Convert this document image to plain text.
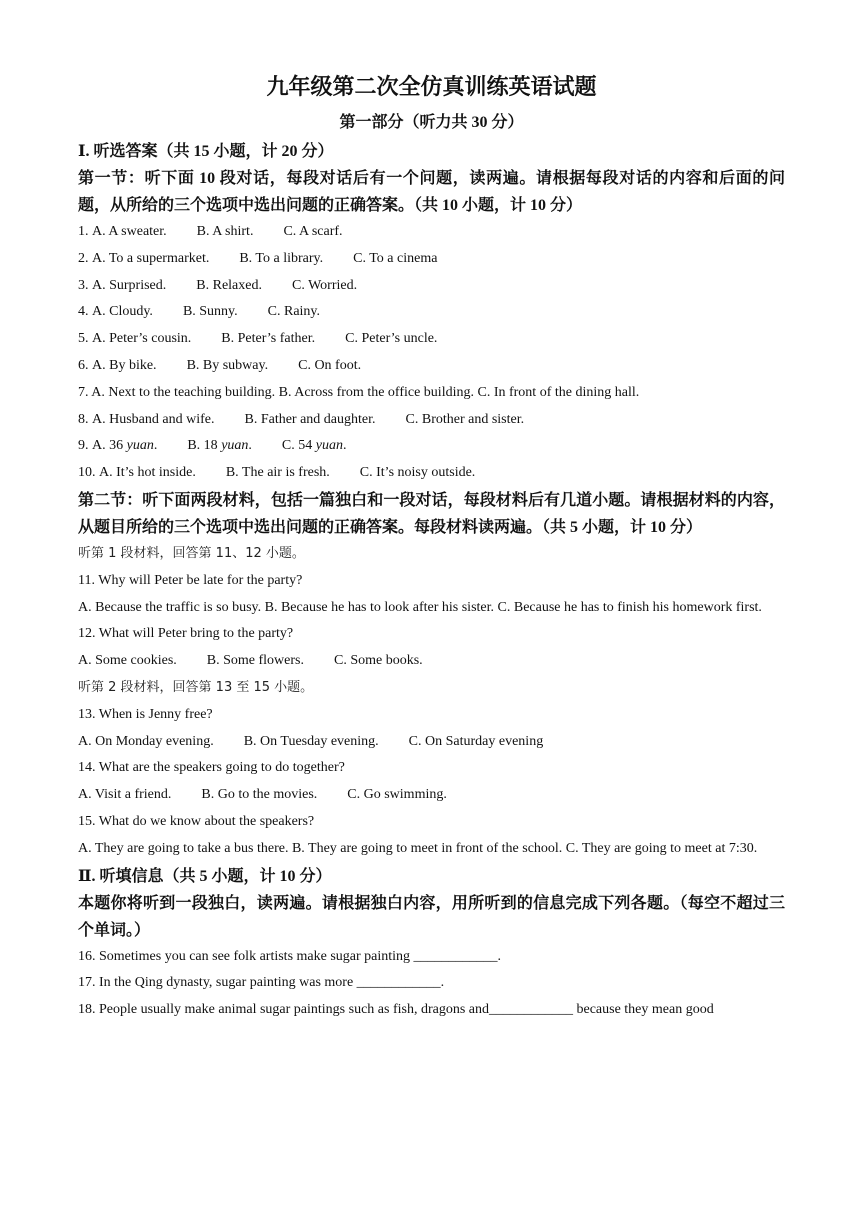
九年级第二次全仿真训练英语试题
第一部分（听力共 30 分）
Ⅰ. 听选答案（共 15 小题，计 20 分）
第一节：听下面 10 段对话，每段对话后有一个问题，读两遍。请根据每段对话的内容和后面的问题，从所给的三个选项中选出问题的正确答案。（共 10 小题，计 10 分）
1. A. A sweater. B. A shirt. C. A scarf.
2. A. To a supermarket. B. To a library. C. To a cinema
3. A. Surprised. B. Relaxed. C. Worried.
4. A. Cloudy. B. Sunny. C. Rainy.
5. A. Peter’s cousin. B. Peter’s father. C. Peter’s uncle.
6. A. By bike. B. By subway. C. On foot.
7. A. Next to the teaching building. B. Across from the office building. C. In front of the dining hall.
8. A. Husband and wife. B. Father and daughter. C. Brother and sister.
9. A. 36 yuan. B. 18 yuan. C. 54 yuan.
10. A. It’s hot inside. B. The air is fresh. C. It’s noisy outside.
第二节：听下面两段材料，包括一篇独白和一段对话，每段材料后有几道小题。请根据材料的内容，从题目所给的三个选项中选出问题的正确答案。每段材料读两遍。（共 5 小题，计 10 分）
听第 1 段材料，回答第 11、12 小题。
11. Why will Peter be late for the party?
A. Because the traffic is so busy. B. Because he has to look after his sister. C. Because he has to finish his homework first.
12. What will Peter bring to the party?
A. Some cookies. B. Some flowers. C. Some books.
听第 2 段材料，回答第 13 至 15 小题。
13. When is Jenny free?
A. On Monday evening. B. On Tuesday evening. C. On Saturday evening
14. What are the speakers going to do together?
A. Visit a friend. B. Go to the movies. C. Go swimming.
15. What do we know about the speakers?
A. They are going to take a bus there. B. They are going to meet in front of the school. C. They are going to meet at 7:30.
Ⅱ. 听填信息（共 5 小题，计 10 分）
本题你将听到一段独白，读两遍。请根据独白内容，用所听到的信息完成下列各题。（每空不超过三个单词。）
16. Sometimes you can see folk artists make sugar painting ____________.
17. In the Qing dynasty, sugar painting was more ____________.
18. People usually make animal sugar paintings such as fish, dragons and____________ because they mean good
